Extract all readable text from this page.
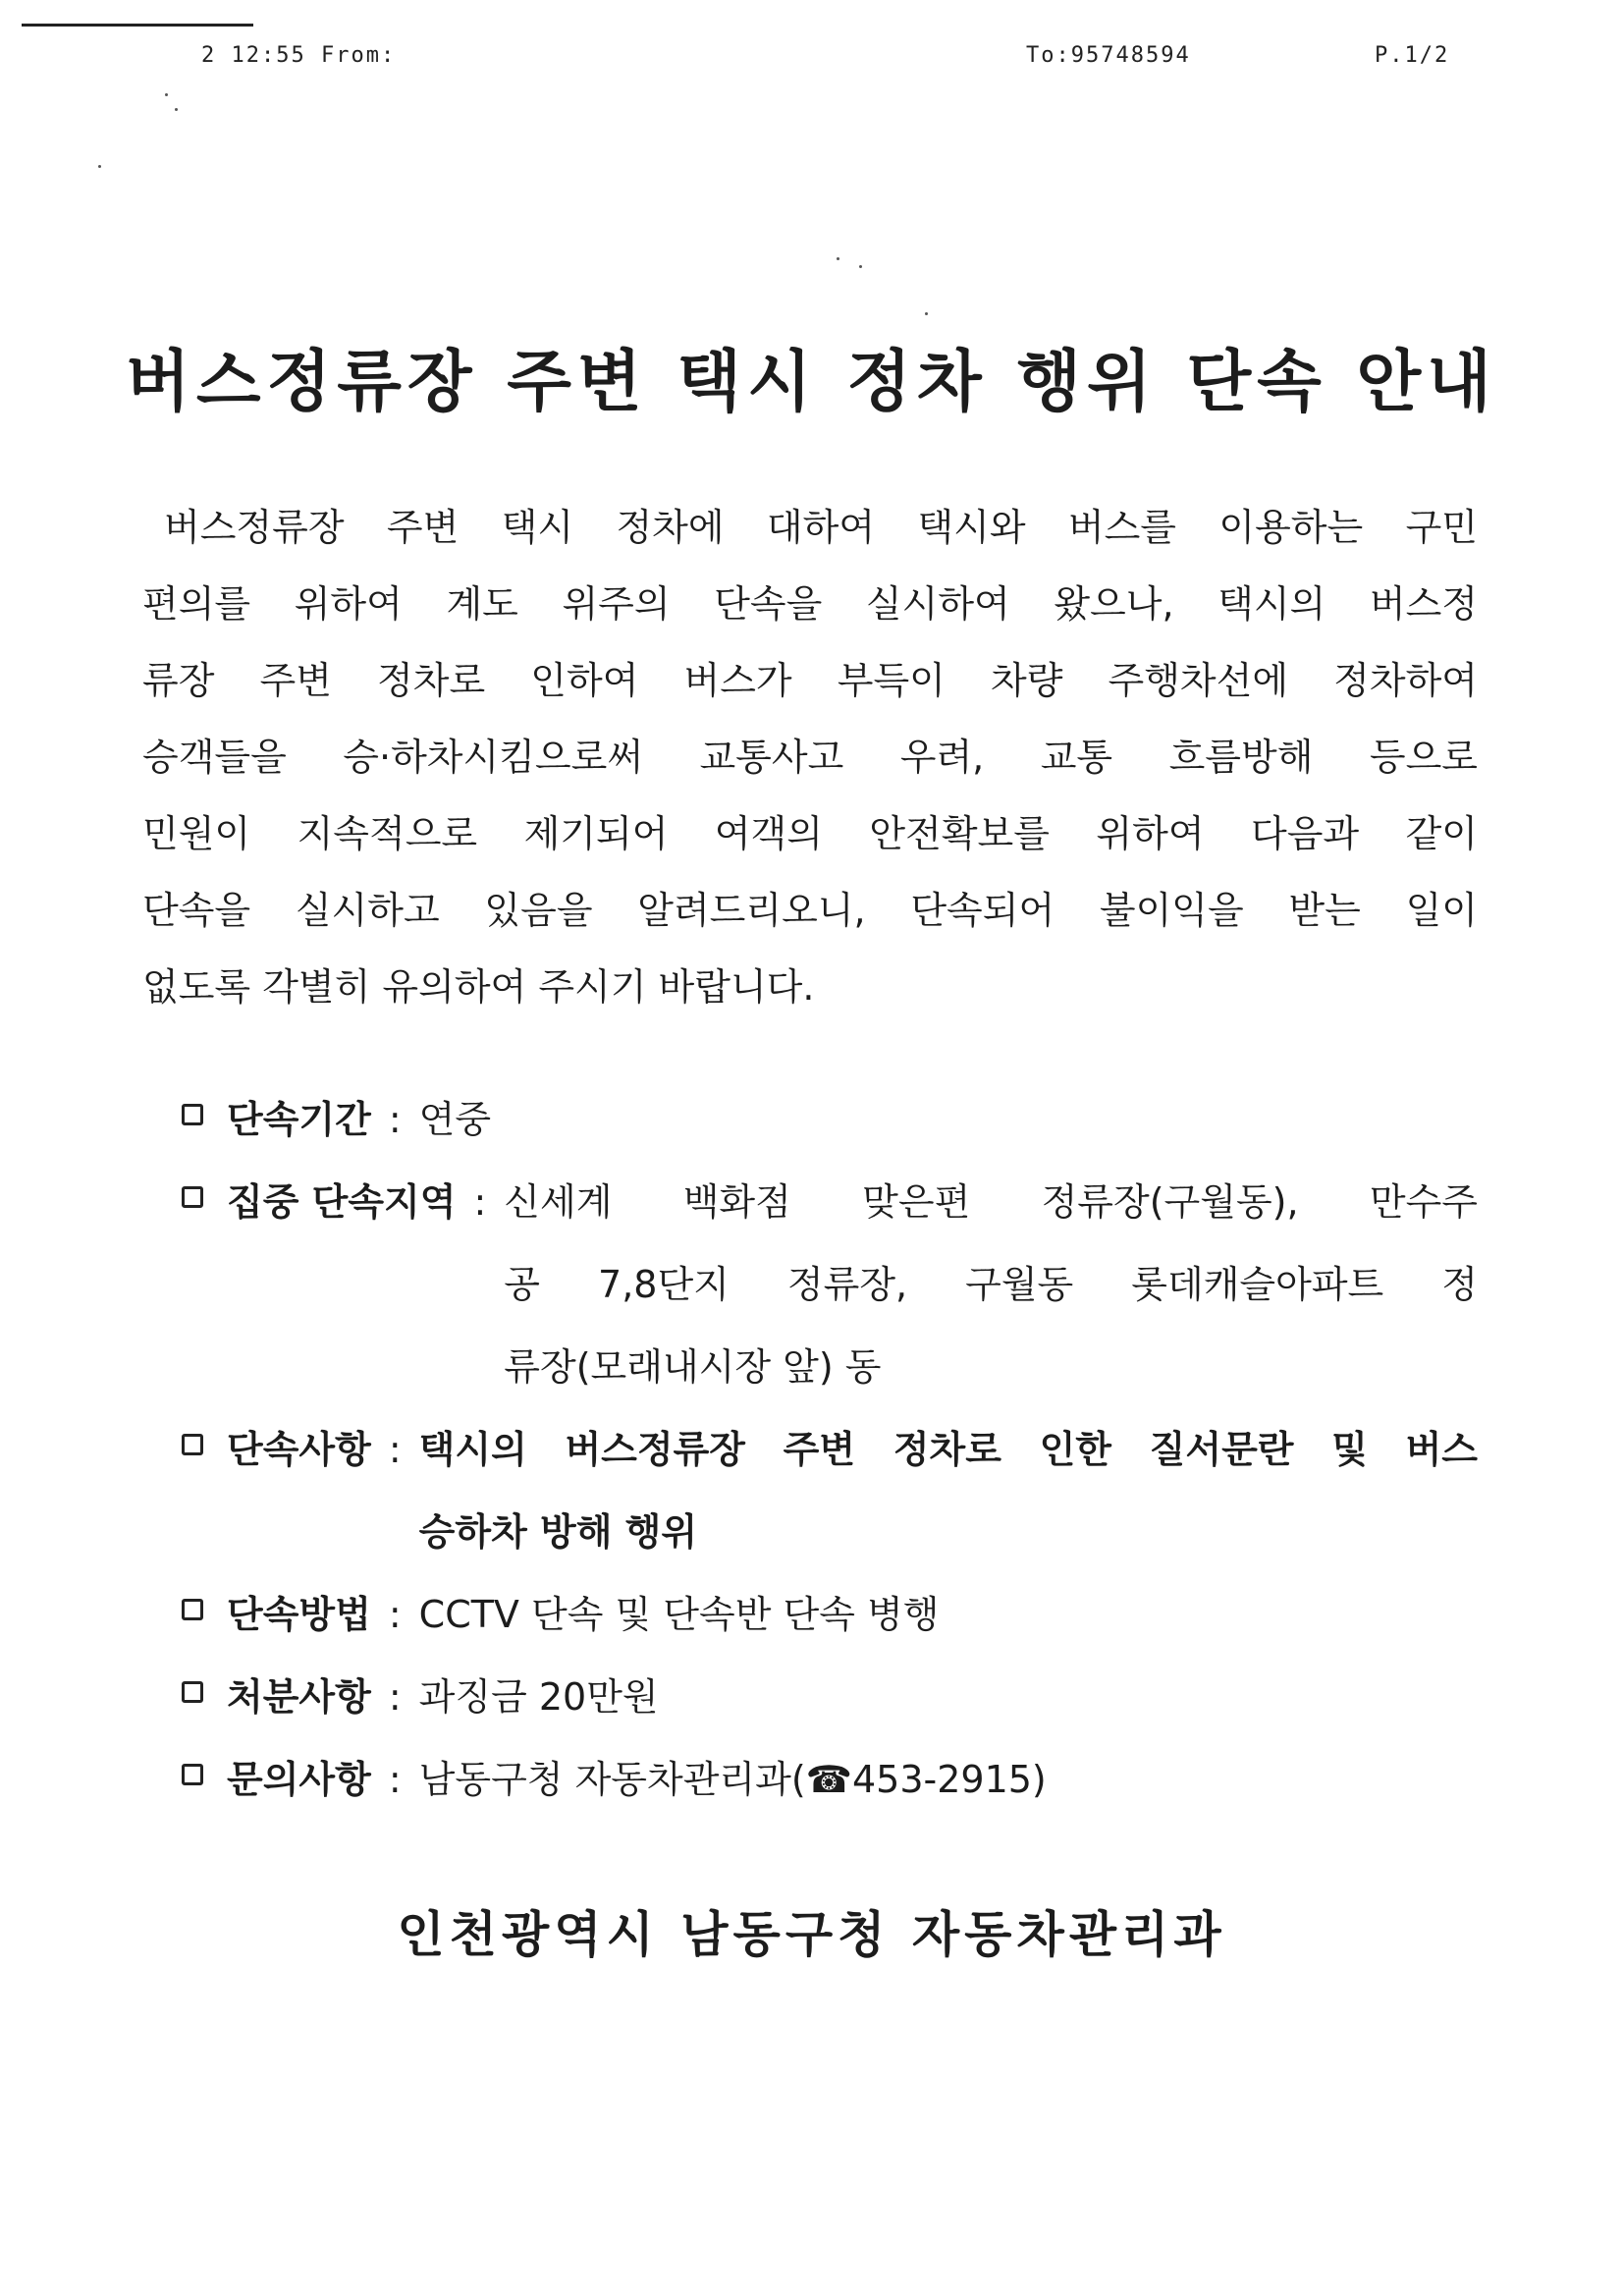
2 12:55 From:	To:95748594	P.1/2
버스정류장 주변 택시 정차 행위 단속 안내
버스정류장 주변 택시 정차에 대하여 택시와 버스를 이용하는 구민
편의를 위하여 계도 위주의 단속을 실시하여 왔으나, 택시의 버스정
류장 주변 정차로 인하여 버스가 부득이 차량 주행차선에 정차하여
승객들을 승·하차시킴으로써 교통사고 우려, 교통 흐름방해 등으로
민원이 지속적으로 제기되어 여객의 안전확보를 위하여 다음과 같이
단속을 실시하고 있음을 알려드리오니, 단속되어 불이익을 받는 일이
없도록 각별히 유의하여 주시기 바랍니다.
단속기간 : 연중
집중 단속지역 : 신세계 백화점 맞은편 정류장(구월동), 만수주
공 7,8단지 정류장, 구월동 롯데캐슬아파트 정
류장(모래내시장 앞) 동
단속사항 : 택시의 버스정류장 주변 정차로 인한 질서문란 및 버스
승하차 방해 행위
단속방법 : CCTV 단속 및 단속반 단속 병행
처분사항 : 과징금 20만원
문의사항 : 남동구청 자동차관리과(☎453-2915)
인천광역시 남동구청 자동차관리과
